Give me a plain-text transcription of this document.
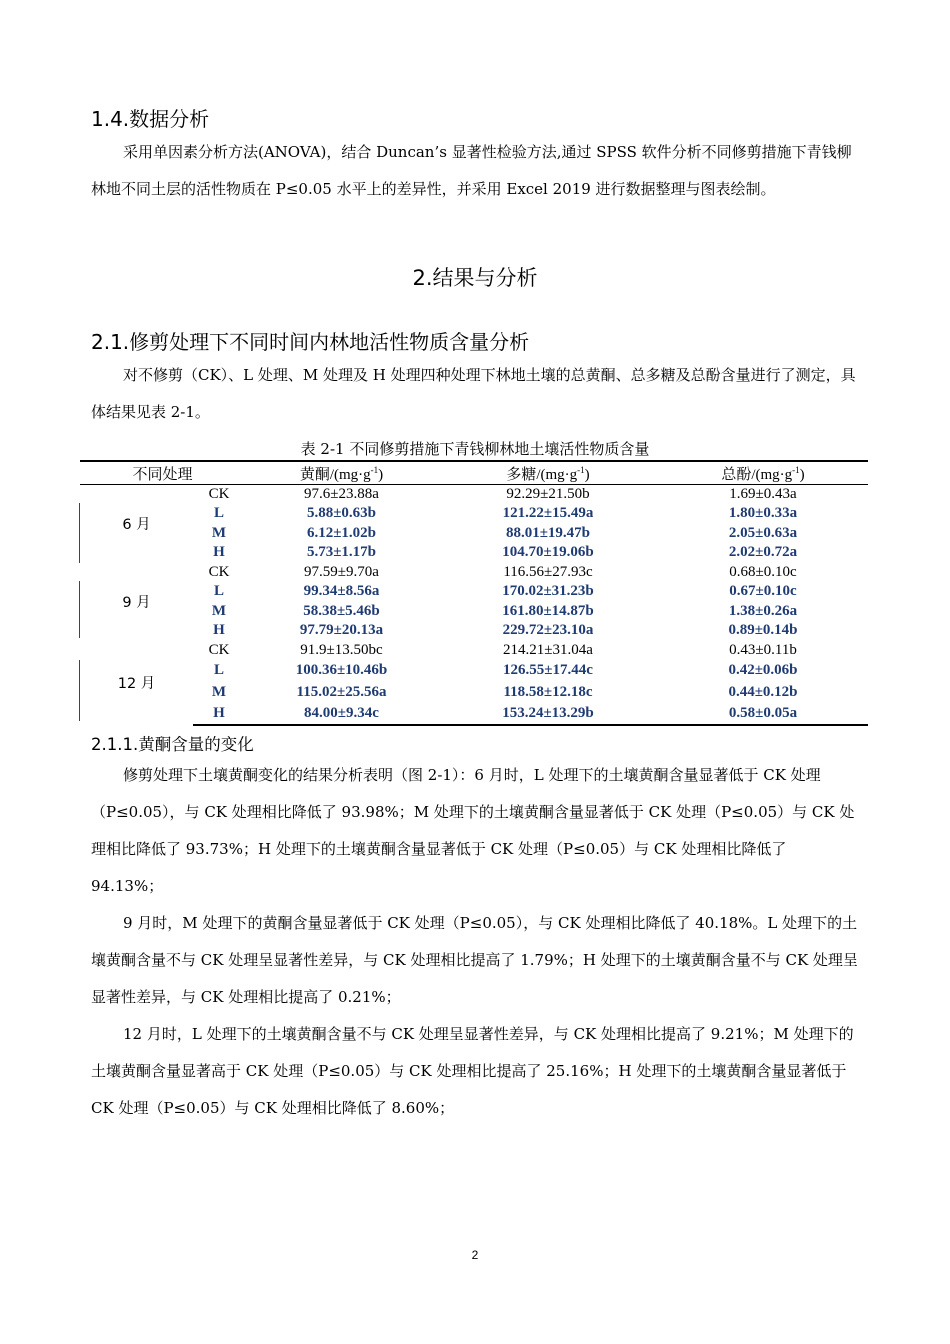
1.4.数据分析
采用单因素分析方法(ANOVA)，结合 Duncan’s 显著性检验方法,通过 SPSS 软件分析不同修剪措施下青钱柳林地不同土层的活性物质在 P≤0.05 水平上的差异性，并采用 Excel 2019 进行数据整理与图表绘制。
2.结果与分析
2.1.修剪处理下不同时间内林地活性物质含量分析
对不修剪（CK）、L 处理、M 处理及 H 处理四种处理下林地土壤的总黄酮、总多糖及总酚含量进行了测定，具体结果见表 2-1。
表 2-1 不同修剪措施下青钱柳林地土壤活性物质含量
不同处理		黄酮$/(mg\cdot g^{-1})$	多糖$/(mg\cdot g^{-1})$	总酚$/(mg\cdot g^{-1})$
6 月	CK	97.6±23.88a	92.29±21.50b	1.69±0.43a
	L	5.88±0.63b	121.22±15.49a	1.80±0.33a
	M	6.12±1.02b	88.01±19.47b	2.05±0.63a
	H	5.73±1.17b	104.70±19.06b	2.02±0.72a
9 月	CK	97.59±9.70a	116.56±27.93c	0.68±0.10c
	L	99.34±8.56a	170.02±31.23b	0.67±0.10c
	M	58.38±5.46b	161.80±14.87b	1.38±0.26a
	H	97.79±20.13a	229.72±23.10a	0.89±0.14b
12 月	CK	91.9±13.50bc	214.21±31.04a	0.43±0.11b
	L	100.36±10.46b	126.55±17.44c	0.42±0.06b
	M	115.02±25.56a	118.58±12.18c	0.44±0.12b
	H	84.00±9.34c	153.24±13.29b	0.58±0.05a
2.1.1.黄酮含量的变化
修剪处理下土壤黄酮变化的结果分析表明（图 2-1）：6 月时，L 处理下的土壤黄酮含量显著低于 CK 处理（P≤0.05），与 CK 处理相比降低了 93.98%；M 处理下的土壤黄酮含量显著低于 CK 处理（P≤0.05）与 CK 处理相比降低了 93.73%；H 处理下的土壤黄酮含量显著低于 CK 处理（P≤0.05）与 CK 处理相比降低了 94.13%；
9 月时，M 处理下的黄酮含量显著低于 CK 处理（P≤0.05），与 CK 处理相比降低了 40.18%。L 处理下的土壤黄酮含量不与 CK 处理呈显著性差异，与 CK 处理相比提高了 1.79%；H 处理下的土壤黄酮含量不与 CK 处理呈显著性差异，与 CK 处理相比提高了 0.21%；
12 月时，L 处理下的土壤黄酮含量不与 CK 处理呈显著性差异，与 CK 处理相比提高了 9.21%；M 处理下的土壤黄酮含量显著高于 CK 处理（P≤0.05）与 CK 处理相比提高了 25.16%；H 处理下的土壤黄酮含量显著低于 CK 处理（P≤0.05）与 CK 处理相比降低了 8.60%；
2
